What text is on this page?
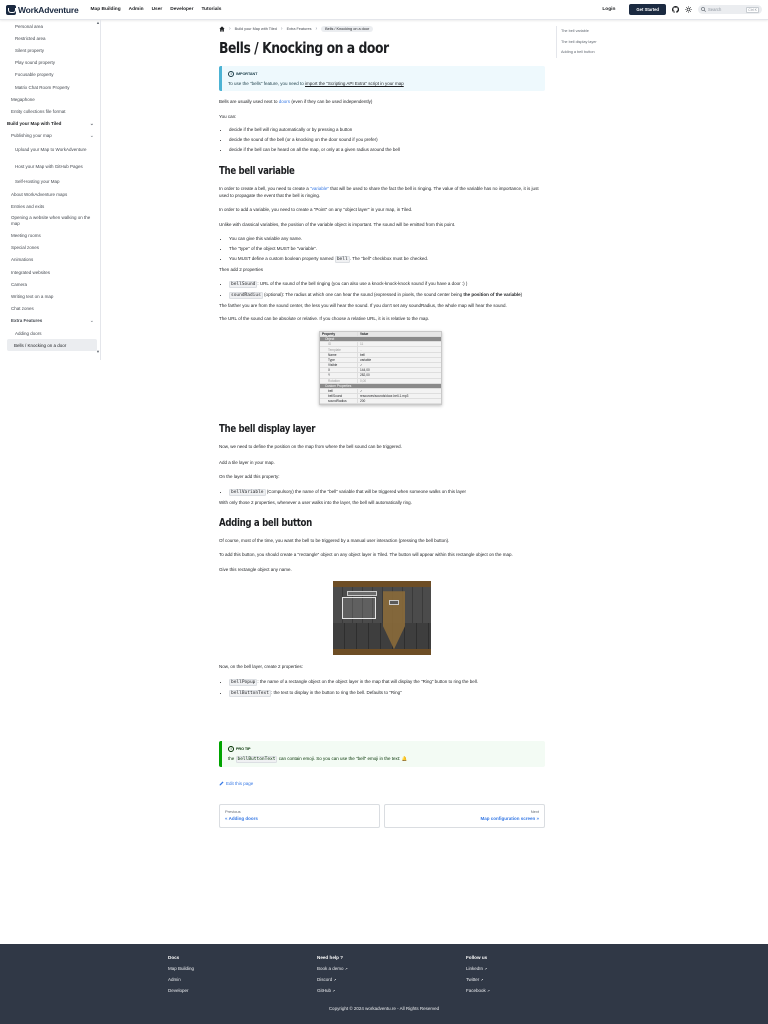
WorkAdventure	Map Building Admin User Developer Tutorials	Login	Get Started	Search	Ctrl K
▲
Personal area
Restricted area
Silent property
Play sound property
Focusable property
Matrix Chat Room Property
Megaphone
Entity collections file format
Build your Map with Tiled	⌄
Publishing your map	⌄
Upload your Map to WorkAdventure
Host your Map with GitHub Pages
Self-Hosting your Map
About WorkAdventure maps
Entries and exits
Opening a website when walking on the map
Meeting rooms
Special zones
Animations
Integrated websites
Camera
Writing text on a map
Chat zones
Extra Features	⌄
Adding doors
Bells / Knocking on a door
▼
› Build your Map with Tiled › Extra Features ›	Bells / Knocking on a door
Bells / Knocking on a door
i	IMPORTANT
To use the "bells" feature, you need to import the "Scripting API Extra" script in your map

Bells are usually used next to doors (even if they can be used independently)

You can:

• decide if the bell will ring automatically or by pressing a button
• decide the sound of the bell (or a knocking on the door sound if you prefer)
• decide if the bell can be heard on all the map, or only at a given radius around the bell
The bell variable

In order to create a bell, you need to create a "variable" that will be used to share the fact the bell is ringing. The value of the variable has no importance, it is just used to propagate the event that the bell is ringing.

In order to add a variable, you need to create a "Point" on any "object layer" in your map, in Tiled.

Unlike with classical variables, the position of the variable object is important. The sound will be emitted from this point.

• You can give this variable any name.
• The "type" of the object MUST be "variable".
• You MUST define a custom boolean property named bell . The "bell" checkbox must be checked.

Then add 2 properties

• bellSound : URL of the sound of the bell ringing (you can also use a knock-knock-knock sound if you have a door :) )
• soundRadius (optional): The radius at which one can hear the sound (expressed in pixels, the sound center being the position of the variable)

The farther you are from the sound center, the less you will hear the sound. If you don't set any soundRadius, the whole map will hear the sound.

The URL of the sound can be absolute or relative. If you choose a relative URL, it is is relative to the map.

Property	Value
Object
ID	11
Template	..
Name	bell
Type	variable
Visible	✓
X	144,00
Y	282,00
Rotation	0,00
Custom Properties
bell	✓
bellSound	resources/sounds/door-bell-1.mp3
soundRadius	200
The bell display layer

Now, we need to define the position on the map from where the bell sound can be triggered.

Add a tile layer in your map.

On the layer add this property:

• bellVariable (Compulsory) the name of the "bell" variable that will be triggered when someone walks on this layer

With only those 2 properties, whenever a user walks into the layer, the bell will automatically ring.

Adding a bell button

Of course, most of the time, you want the bell to be triggered by a manual user interaction (pressing the bell button).

To add this button, you should create a "rectangle" object on any object layer in Tiled. The button will appear within this rectangle object on the map.

Give this rectangle object any name.

Now, on the bell layer, create 2 properties:

• bellPopup : the name of a rectangle object on the object layer in the map that will display the "Ring" button to ring the bell.
• bellButtonText : the text to display in the button to ring the bell. Defaults to "Ring"
!	PRO TIP
the bellButtonText can contain emoji. So you can use the "bell" emoji in the text: 🔔
Edit this page
Previous
« Adding doors
Next
Map configuration screen »
The bell variable
The bell display layer
Adding a bell button
Docs
Map Building
Admin
Developer
Need help ?
Book a demo ↗
Discord ↗
GitHub ↗
Follow us
LinkedIn ↗
Twitter ↗
Facebook ↗
Copyright © 2024 workadventu.re - All Rights Reserved
